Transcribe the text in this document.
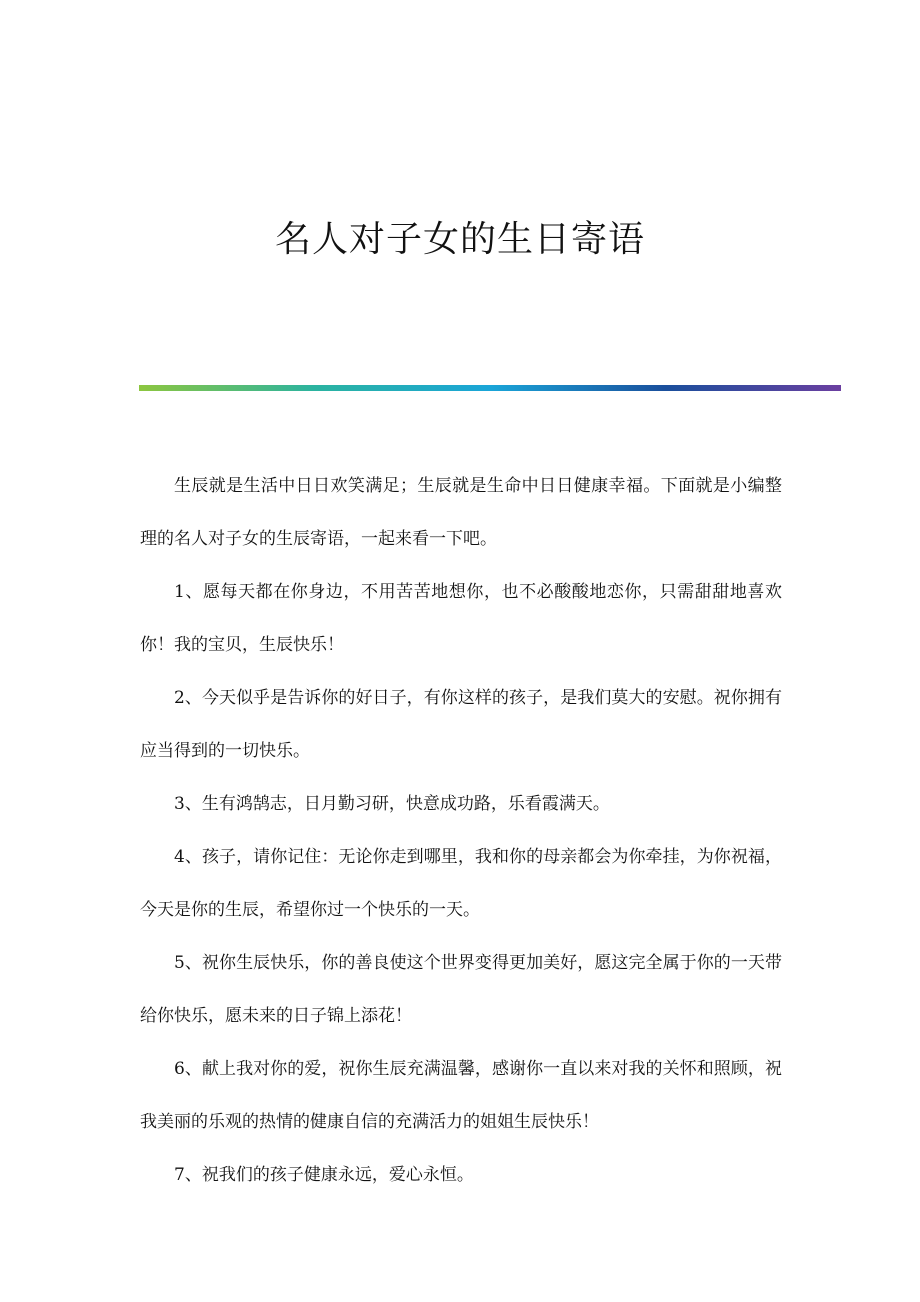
名人对子女的生日寄语

生辰就是生活中日日欢笑满足；生辰就是生命中日日健康幸福。下面就是小编整理的名人对子女的生辰寄语，一起来看一下吧。

1、愿每天都在你身边，不用苦苦地想你，也不必酸酸地恋你，只需甜甜地喜欢你！我的宝贝，生辰快乐！

2、今天似乎是告诉你的好日子，有你这样的孩子，是我们莫大的安慰。祝你拥有应当得到的一切快乐。

3、生有鸿鹄志，日月勤习研，快意成功路，乐看霞满天。

4、孩子，请你记住：无论你走到哪里，我和你的母亲都会为你牵挂，为你祝福，今天是你的生辰，希望你过一个快乐的一天。

5、祝你生辰快乐，你的善良使这个世界变得更加美好，愿这完全属于你的一天带给你快乐，愿未来的日子锦上添花！

6、献上我对你的爱，祝你生辰充满温馨，感谢你一直以来对我的关怀和照顾，祝我美丽的乐观的热情的健康自信的充满活力的姐姐生辰快乐！

7、祝我们的孩子健康永远，爱心永恒。
